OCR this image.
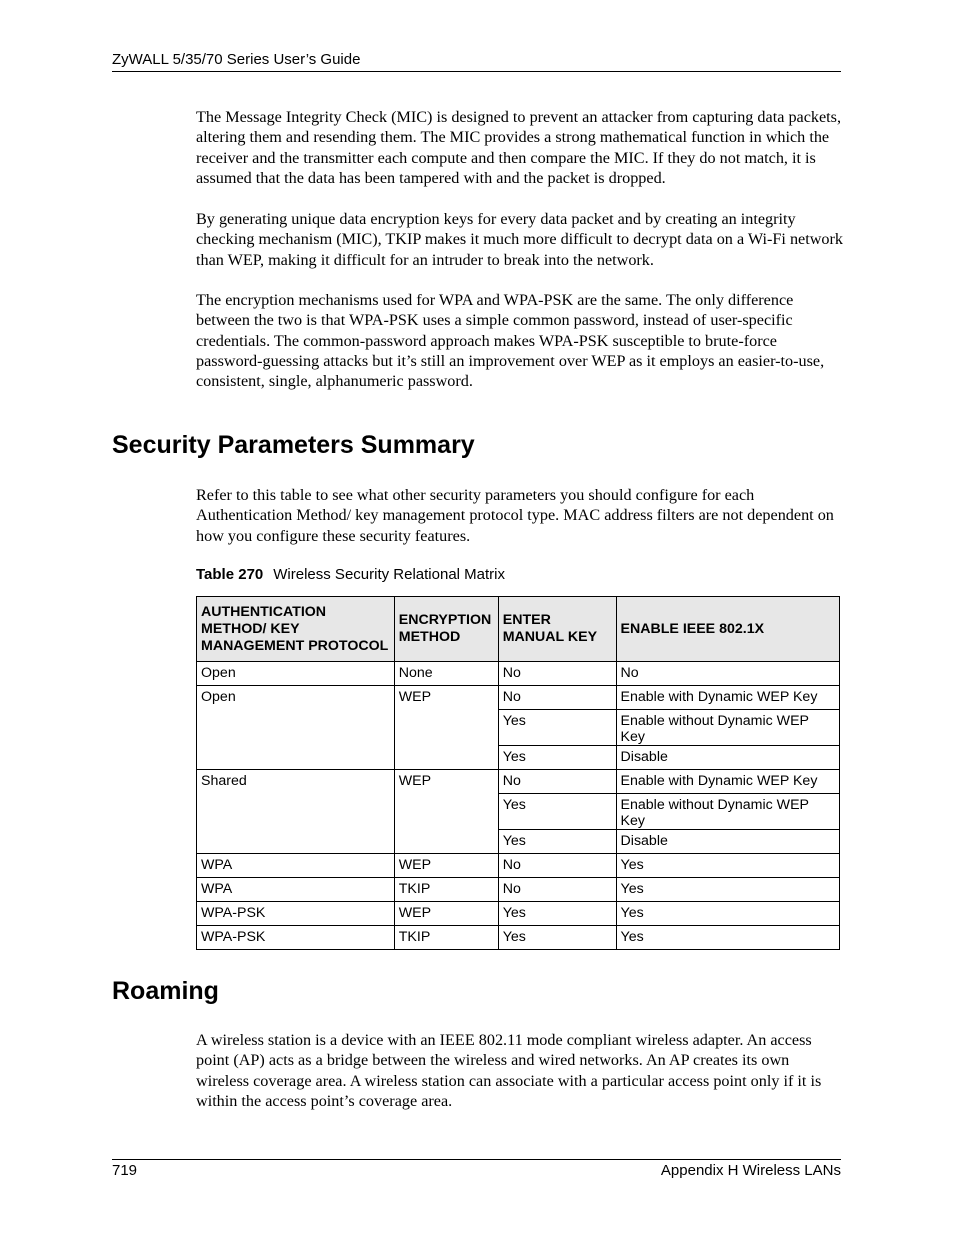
ZyWALL 5/35/70 Series User’s Guide

The Message Integrity Check (MIC) is designed to prevent an attacker from capturing data packets, altering them and resending them. The MIC provides a strong mathematical function in which the receiver and the transmitter each compute and then compare the MIC. If they do not match, it is assumed that the data has been tampered with and the packet is dropped.

By generating unique data encryption keys for every data packet and by creating an integrity checking mechanism (MIC), TKIP makes it much more difficult to decrypt data on a Wi-Fi network than WEP, making it difficult for an intruder to break into the network.

The encryption mechanisms used for WPA and WPA-PSK are the same. The only difference between the two is that WPA-PSK uses a simple common password, instead of user-specific credentials. The common-password approach makes WPA-PSK susceptible to brute-force password-guessing attacks but it’s still an improvement over WEP as it employs an easier-to-use, consistent, single, alphanumeric password.

Security Parameters Summary

Refer to this table to see what other security parameters you should configure for each Authentication Method/ key management protocol type. MAC address filters are not dependent on how you configure these security features.

Table 270 Wireless Security Relational Matrix
AUTHENTICATION METHOD/ KEY MANAGEMENT PROTOCOL	ENCRYPTION METHOD	ENTER MANUAL KEY	ENABLE IEEE 802.1X
Open	None	No	No
Open	WEP	No	Enable with Dynamic WEP Key
		Yes	Enable without Dynamic WEP Key
		Yes	Disable
Shared	WEP	No	Enable with Dynamic WEP Key
		Yes	Enable without Dynamic WEP Key
		Yes	Disable
WPA	WEP	No	Yes
WPA	TKIP	No	Yes
WPA-PSK	WEP	Yes	Yes
WPA-PSK	TKIP	Yes	Yes
Roaming

A wireless station is a device with an IEEE 802.11 mode compliant wireless adapter. An access point (AP) acts as a bridge between the wireless and wired networks. An AP creates its own wireless coverage area. A wireless station can associate with a particular access point only if it is within the access point’s coverage area.

719	Appendix H Wireless LANs
